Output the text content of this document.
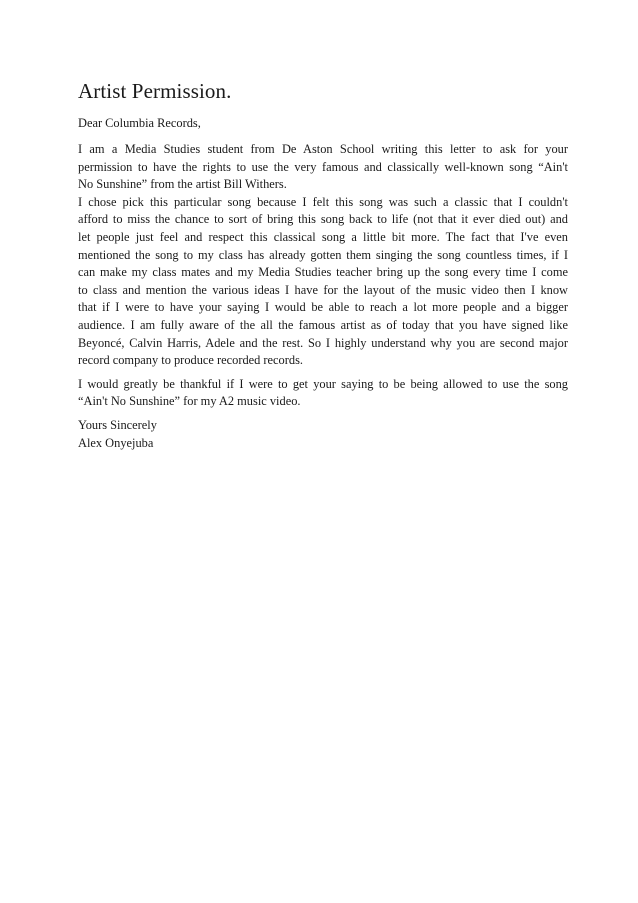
Artist Permission.

Dear Columbia Records,

I am a Media Studies student from De Aston School writing this letter to ask for your
permission to have the rights to use the very famous and classically well-known song “Ain't
No Sunshine” from the artist Bill Withers.

I chose pick this particular song because I felt this song was such a classic that I couldn't
afford to miss the chance to sort of bring this song back to life (not that it ever died out) and
let people just feel and respect this classical song a little bit more. The fact that I've even
mentioned the song to my class has already gotten them singing the song countless times, if I
can make my class mates and my Media Studies teacher bring up the song every time I come
to class and mention the various ideas I have for the layout of the music video then I know
that if I were to have your saying I would be able to reach a lot more people and a bigger
audience. I am fully aware of the all the famous artist as of today that you have signed like
Beyoncé, Calvin Harris, Adele and the rest. So I highly understand why you are second major
record company to produce recorded records.

I would greatly be thankful if I were to get your saying to be being allowed to use the song
“Ain't No Sunshine” for my A2 music video.

Yours Sincerely
Alex Onyejuba
